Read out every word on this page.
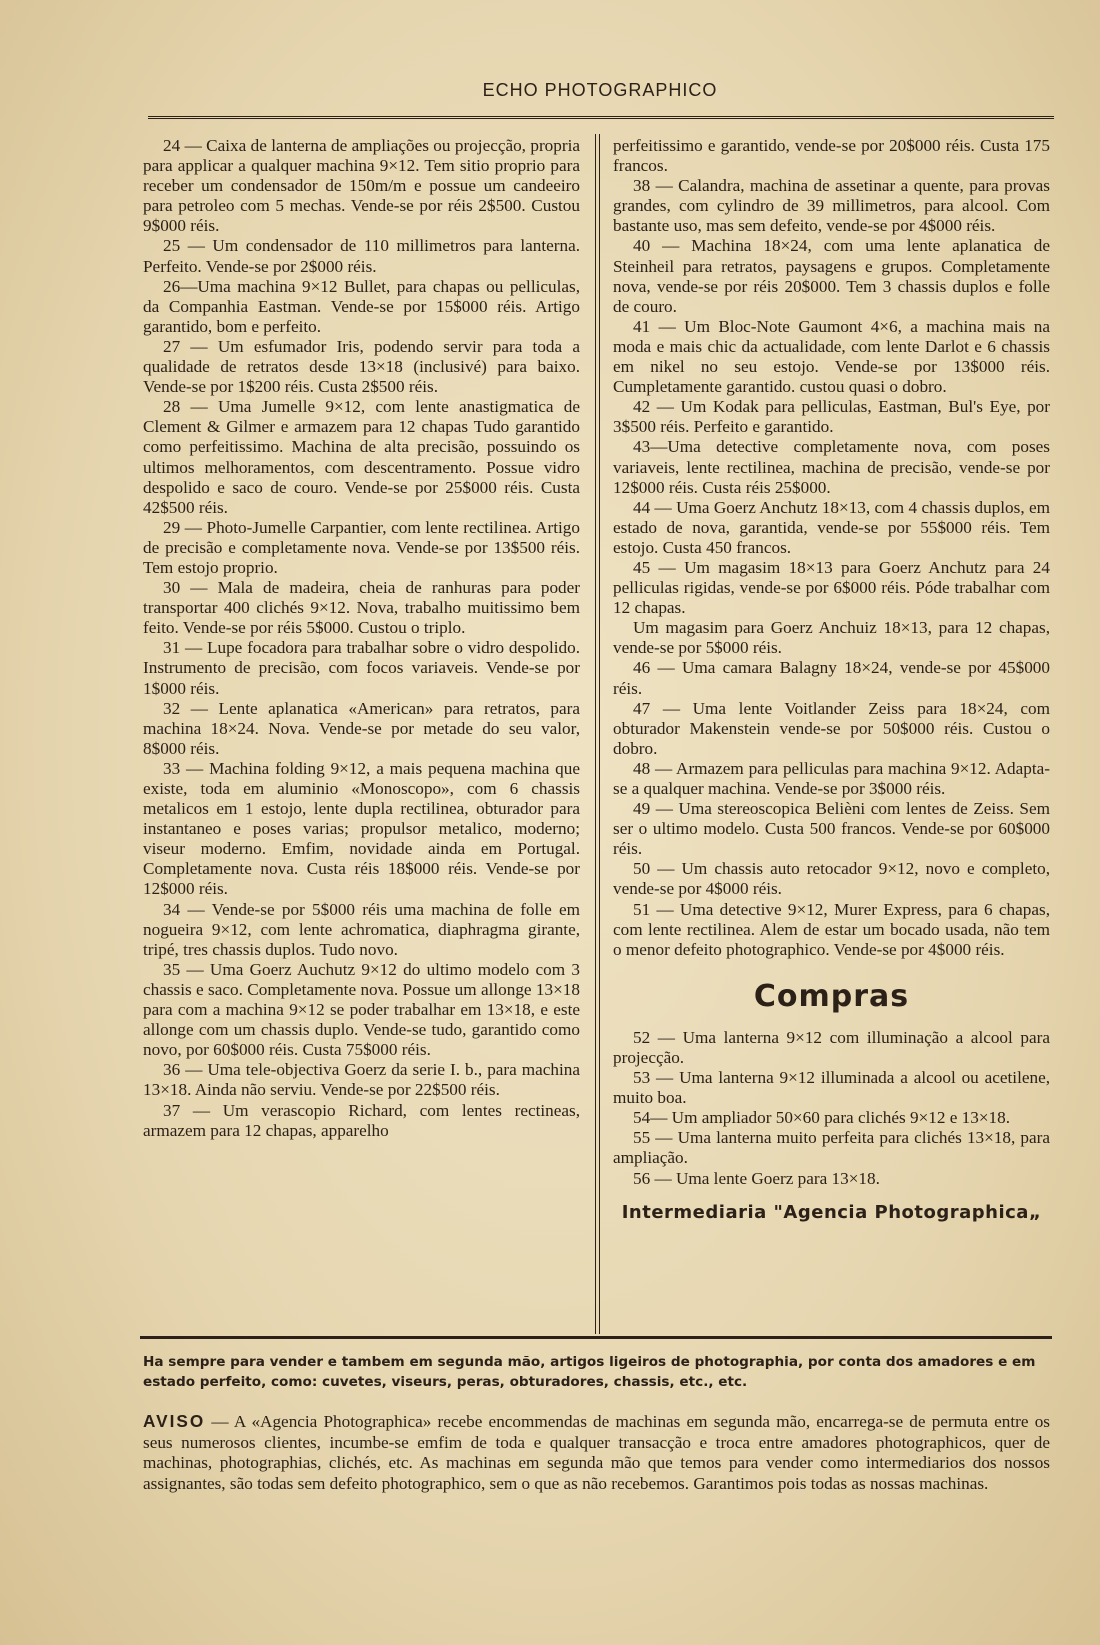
ECHO PHOTOGRAPHICO

24 — Caixa de lanterna de ampliações ou projecção, propria para applicar a qualquer machina 9×12. Tem sitio proprio para receber um condensador de 150m/m e possue um candeeiro para petroleo com 5 mechas. Vende-se por réis 2$500. Custou 9$000 réis.

25 — Um condensador de 110 millimetros para lanterna. Perfeito. Vende-se por 2$000 réis.

26—Uma machina 9×12 Bullet, para chapas ou pelliculas, da Companhia Eastman. Vende-se por 15$000 réis. Artigo garantido, bom e perfeito.

27 — Um esfumador Iris, podendo servir para toda a qualidade de retratos desde 13×18 (inclusivé) para baixo. Vende-se por 1$200 réis. Custa 2$500 réis.

28 — Uma Jumelle 9×12, com lente anastigmatica de Clement & Gilmer e armazem para 12 chapas Tudo garantido como perfeitissimo. Machina de alta precisão, possuindo os ultimos melhoramentos, com descentramento. Possue vidro despolido e saco de couro. Vende-se por 25$000 réis. Custa 42$500 réis.

29 — Photo-Jumelle Carpantier, com lente rectilinea. Artigo de precisão e completamente nova. Vende-se por 13$500 réis. Tem estojo proprio.

30 — Mala de madeira, cheia de ranhuras para poder transportar 400 clichés 9×12. Nova, trabalho muitissimo bem feito. Vende-se por réis 5$000. Custou o triplo.

31 — Lupe focadora para trabalhar sobre o vidro despolido. Instrumento de precisão, com focos variaveis. Vende-se por 1$000 réis.

32 — Lente aplanatica «American» para retratos, para machina 18×24. Nova. Vende-se por metade do seu valor, 8$000 réis.

33 — Machina folding 9×12, a mais pequena machina que existe, toda em aluminio «Monoscopo», com 6 chassis metalicos em 1 estojo, lente dupla rectilinea, obturador para instantaneo e poses varias; propulsor metalico, moderno; viseur moderno. Emfim, novidade ainda em Portugal. Completamente nova. Custa réis 18$000 réis. Vende-se por 12$000 réis.

34 — Vende-se por 5$000 réis uma machina de folle em nogueira 9×12, com lente achromatica, diaphragma girante, tripé, tres chassis duplos. Tudo novo.

35 — Uma Goerz Auchutz 9×12 do ultimo modelo com 3 chassis e saco. Completamente nova. Possue um allonge 13×18 para com a machina 9×12 se poder trabalhar em 13×18, e este allonge com um chassis duplo. Vende-se tudo, garantido como novo, por 60$000 réis. Custa 75$000 réis.

36 — Uma tele-objectiva Goerz da serie I. b., para machina 13×18. Ainda não serviu. Vende-se por 22$500 réis.

37 — Um verascopio Richard, com lentes rectineas, armazem para 12 chapas, apparelho

perfeitissimo e garantido, vende-se por 20$000 réis. Custa 175 francos.

38 — Calandra, machina de assetinar a quente, para provas grandes, com cylindro de 39 millimetros, para alcool. Com bastante uso, mas sem defeito, vende-se por 4$000 réis.

40 — Machina 18×24, com uma lente aplanatica de Steinheil para retratos, paysagens e grupos. Completamente nova, vende-se por réis 20$000. Tem 3 chassis duplos e folle de couro.

41 — Um Bloc-Note Gaumont 4×6, a machina mais na moda e mais chic da actualidade, com lente Darlot e 6 chassis em nikel no seu estojo. Vende-se por 13$000 réis. Cumpletamente garantido. custou quasi o dobro.

42 — Um Kodak para pelliculas, Eastman, Bul's Eye, por 3$500 réis. Perfeito e garantido.

43—Uma detective completamente nova, com poses variaveis, lente rectilinea, machina de precisão, vende-se por 12$000 réis. Custa réis 25$000.

44 — Uma Goerz Anchutz 18×13, com 4 chassis duplos, em estado de nova, garantida, vende-se por 55$000 réis. Tem estojo. Custa 450 francos.

45 — Um magasim 18×13 para Goerz Anchutz para 24 pelliculas rigidas, vende-se por 6$000 réis. Póde trabalhar com 12 chapas.

Um magasim para Goerz Anchuiz 18×13, para 12 chapas, vende-se por 5$000 réis.

46 — Uma camara Balagny 18×24, vende-se por 45$000 réis.

47 — Uma lente Voitlander Zeiss para 18×24, com obturador Makenstein vende-se por 50$000 réis. Custou o dobro.

48 — Armazem para pelliculas para machina 9×12. Adapta-se a qualquer machina. Vende-se por 3$000 réis.

49 — Uma stereoscopica Belièni com lentes de Zeiss. Sem ser o ultimo modelo. Custa 500 francos. Vende-se por 60$000 réis.

50 — Um chassis auto retocador 9×12, novo e completo, vende-se por 4$000 réis.

51 — Uma detective 9×12, Murer Express, para 6 chapas, com lente rectilinea. Alem de estar um bocado usada, não tem o menor defeito photographico. Vende-se por 4$000 réis.

Compras

52 — Uma lanterna 9×12 com illuminação a alcool para projecção.

53 — Uma lanterna 9×12 illuminada a alcool ou acetilene, muito boa.

54— Um ampliador 50×60 para clichés 9×12 e 13×18.

55 — Uma lanterna muito perfeita para clichés 13×18, para ampliação.

56 — Uma lente Goerz para 13×18.

Intermediaria "Agencia Photographica„
Ha sempre para vender e tambem em segunda mão, artigos ligeiros de photographia, por conta dos amadores e em estado perfeito, como: cuvetes, viseurs, peras, obturadores, chassis, etc., etc.
AVISO — A «Agencia Photographica» recebe encommendas de machinas em segunda mão, encarrega-se de permuta entre os seus numerosos clientes, incumbe-se emfim de toda e qualquer transacção e troca entre amadores photographicos, quer de machinas, photographias, clichés, etc. As machinas em segunda mão que temos para vender como intermediarios dos nossos assignantes, são todas sem defeito photographico, sem o que as não recebemos. Garantimos pois todas as nossas machinas.
